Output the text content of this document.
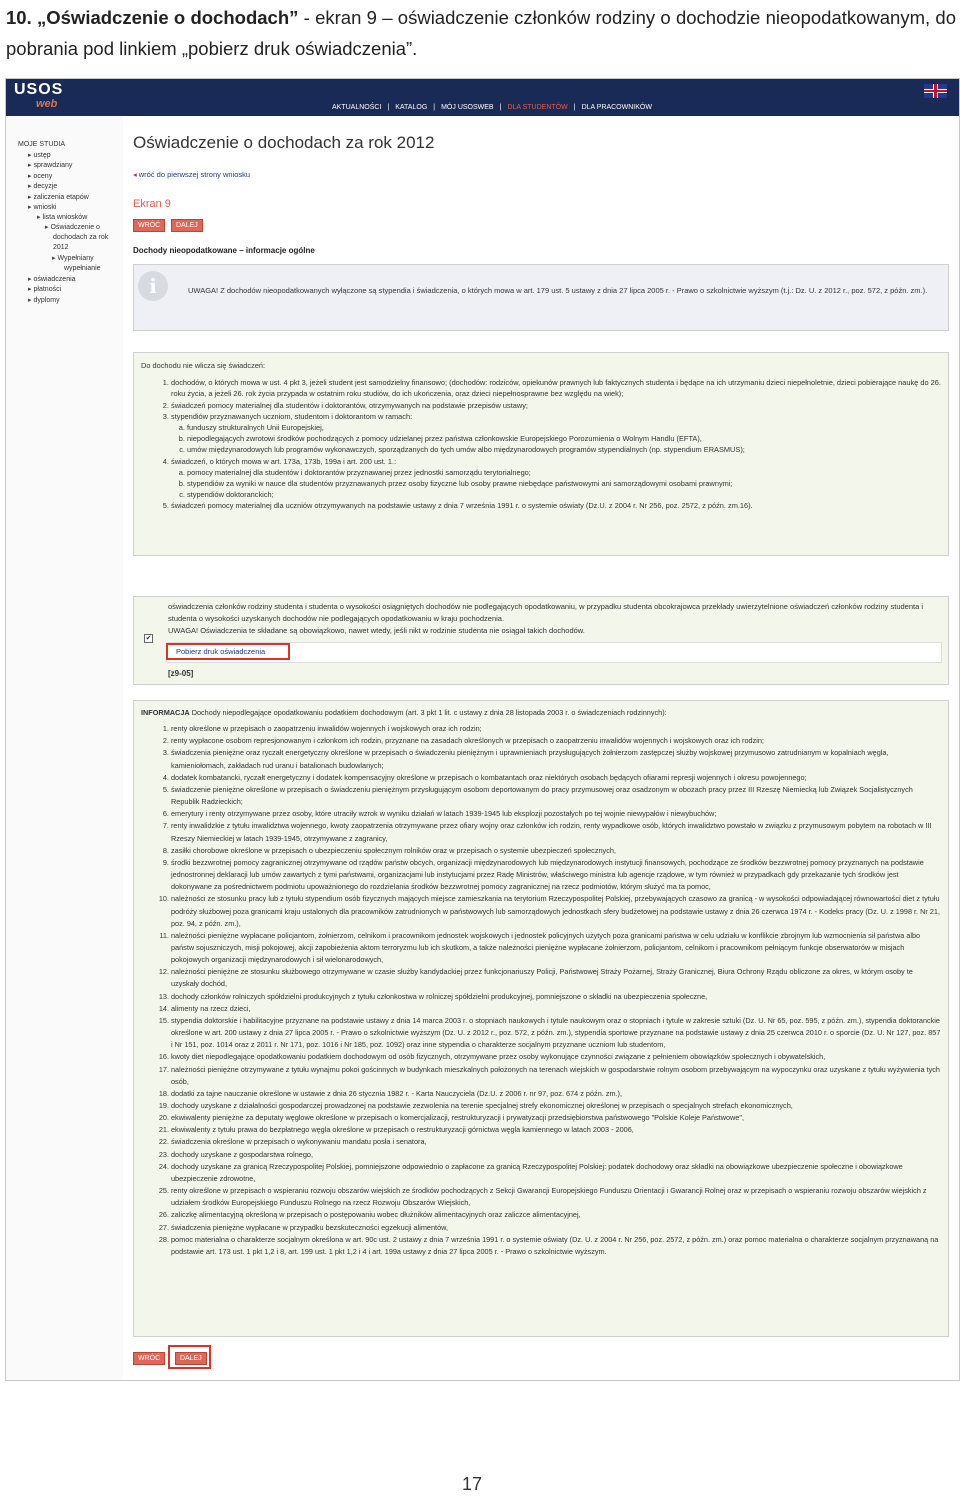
10. „Oświadczenie o dochodach” - ekran 9 – oświadczenie członków rodziny o dochodzie nieopodatkowanym, do pobrania pod linkiem „pobierz druk oświadczenia”.
USOS
web	AKTUALNOŚCI | KATALOG | MÓJ USOSWEB | DLA STUDENTÓW | DLA PRACOWNIKÓW
MOJE STUDIA
▸ ustęp
▸ sprawdziany
▸ oceny
▸ decyzje
▸ zaliczenia etapów
▸ wnioski
▸ lista wniosków
▸ Oświadczenie o
dochodach za rok
2012
▸ Wypełniany
wypełnianie
▸ oświadczenia
▸ płatności
▸ dyplomy
Oświadczenie o dochodach za rok 2012
◂ wróć do pierwszej strony wniosku
Ekran 9
WRÓĆ	DALEJ
Dochody nieopodatkowane – informacje ogólne
i	UWAGA! Z dochodów nieopodatkowanych wyłączone są stypendia i świadczenia, o których mowa w art. 179 ust. 5 ustawy z dnia 27 lipca 2005 r. - Prawo o szkolnictwie wyższym (t.j.: Dz. U. z 2012 r., poz. 572, z późn. zm.).
Do dochodu nie wlicza się świadczeń:
1. dochodów, o których mowa w ust. 4 pkt 3, jeżeli student jest samodzielny finansowo; (dochodów: rodziców, opiekunów prawnych lub faktycznych studenta i będące na ich utrzymaniu dzieci niepełnoletnie, dzieci pobierające naukę do 26. roku życia, a jeżeli 26. rok życia przypada w ostatnim roku studiów, do ich ukończenia, oraz dzieci niepełnosprawne bez względu na wiek);
2. świadczeń pomocy materialnej dla studentów i doktorantów, otrzymywanych na podstawie przepisów ustawy;
3. stypendiów przyznawanych uczniom, studentom i doktorantom w ramach:
a. funduszy strukturalnych Unii Europejskiej,
b. niepodlegających zwrotowi środków pochodzących z pomocy udzielanej przez państwa członkowskie Europejskiego Porozumienia o Wolnym Handlu (EFTA),
c. umów międzynarodowych lub programów wykonawczych, sporządzanych do tych umów albo międzynarodowych programów stypendialnych (np. stypendium ERASMUS);
4. świadczeń, o których mowa w art. 173a, 173b, 199a i art. 200 ust. 1.:
a. pomocy materialnej dla studentów i doktorantów przyznawanej przez jednostki samorządu terytorialnego;
b. stypendiów za wyniki w nauce dla studentów przyznawanych przez osoby fizyczne lub osoby prawne niebędące państwowymi ani samorządowymi osobami prawnymi;
c. stypendiów doktoranckich;
5. świadczeń pomocy materialnej dla uczniów otrzymywanych na podstawie ustawy z dnia 7 września 1991 r. o systemie oświaty (Dz.U. z 2004 r. Nr 256, poz. 2572, z późn. zm.16).
✔
oświadczenia członków rodziny studenta i studenta o wysokości osiągniętych dochodów nie podlegających opodatkowaniu, w przypadku studenta obcokrajowca przekłady uwierzytelnione oświadczeń członków rodziny studenta i studenta o wysokości uzyskanych dochodów nie podlegających opodatkowaniu w kraju pochodzenia.
UWAGA! Oświadczenia te składane są obowiązkowo, nawet wtedy, jeśli nikt w rodzinie studenta nie osiągał takich dochodów.
Pobierz druk oświadczenia
[z9-05]
INFORMACJA Dochody niepodlegające opodatkowaniu podatkiem dochodowym (art. 3 pkt 1 lit. c ustawy z dnia 28 listopada 2003 r. o świadczeniach rodzinnych):
1. renty określone w przepisach o zaopatrzeniu inwalidów wojennych i wojskowych oraz ich rodzin;
2. renty wypłacone osobom represjonowanym i członkom ich rodzin, przyznane na zasadach określonych w przepisach o zaopatrzeniu inwalidów wojennych i wojskowych oraz ich rodzin;
3. świadczenia pieniężne oraz ryczałt energetyczny określone w przepisach o świadczeniu pieniężnym i uprawnieniach przysługujących żołnierzom zastępczej służby wojskowej przymusowo zatrudnianym w kopalniach węgla, kamieniołomach, zakładach rud uranu i batalionach budowlanych;
4. dodatek kombatancki, ryczałt energetyczny i dodatek kompensacyjny określone w przepisach o kombatantach oraz niektórych osobach będących ofiarami represji wojennych i okresu powojennego;
5. świadczenie pieniężne określone w przepisach o świadczeniu pieniężnym przysługującym osobom deportowanym do pracy przymusowej oraz osadzonym w obozach pracy przez III Rzeszę Niemiecką lub Związek Socjalistycznych Republik Radzieckich;
6. emerytury i renty otrzymywane przez osoby, które utraciły wzrok w wyniku działań w latach 1939-1945 lub eksplozji pozostałych po tej wojnie niewypałów i niewybuchów;
7. renty inwalidzkie z tytułu inwalidztwa wojennego, kwoty zaopatrzenia otrzymywane przez ofiary wojny oraz członków ich rodzin, renty wypadkowe osób, których inwalidztwo powstało w związku z przymusowym pobytem na robotach w III Rzeszy Niemieckiej w latach 1939-1945, otrzymywane z zagranicy,
8. zasiłki chorobowe określone w przepisach o ubezpieczeniu społecznym rolników oraz w przepisach o systemie ubezpieczeń społecznych,
9. środki bezzwrotnej pomocy zagranicznej otrzymywane od rządów państw obcych, organizacji międzynarodowych lub międzynarodowych instytucji finansowych, pochodzące ze środków bezzwrotnej pomocy przyznanych na podstawie jednostronnej deklaracji lub umów zawartych z tymi państwami, organizacjami lub instytucjami przez Radę Ministrów, właściwego ministra lub agencje rządowe, w tym również w przypadkach gdy przekazanie tych środków jest dokonywane za pośrednictwem podmiotu upoważnionego do rozdzielania środków bezzwrotnej pomocy zagranicznej na rzecz podmiotów, którym służyć ma ta pomoc,
10. należności ze stosunku pracy lub z tytułu stypendium osób fizycznych mających miejsce zamieszkania na terytorium Rzeczypospolitej Polskiej, przebywających czasowo za granicą - w wysokości odpowiadającej równowartości diet z tytułu podróży służbowej poza granicami kraju ustalonych dla pracowników zatrudnionych w państwowych lub samorządowych jednostkach sfery budżetowej na podstawie ustawy z dnia 26 czerwca 1974 r. - Kodeks pracy (Dz. U. z 1998 r. Nr 21, poz. 94, z późn. zm.),
11. należności pieniężne wypłacane policjantom, żołnierzom, celnikom i pracownikom jednostek wojskowych i jednostek policyjnych użytych poza granicami państwa w celu udziału w konflikcie zbrojnym lub wzmocnienia sił państwa albo państw sojuszniczych, misji pokojowej, akcji zapobieżenia aktom terroryzmu lub ich skutkom, a także należności pieniężne wypłacane żołnierzom, policjantom, celnikom i pracownikom pełniącym funkcje obserwatorów w misjach pokojowych organizacji międzynarodowych i sił wielonarodowych,
12. należności pieniężne ze stosunku służbowego otrzymywane w czasie służby kandydackiej przez funkcjonariuszy Policji, Państwowej Straży Pożarnej, Straży Granicznej, Biura Ochrony Rządu obliczone za okres, w którym osoby te uzyskały dochód,
13. dochody członków rolniczych spółdzielni produkcyjnych z tytułu członkostwa w rolniczej spółdzielni produkcyjnej, pomniejszone o składki na ubezpieczenia społeczne,
14. alimenty na rzecz dzieci,
15. stypendia doktorskie i habilitacyjne przyznane na podstawie ustawy z dnia 14 marca 2003 r. o stopniach naukowych i tytule naukowym oraz o stopniach i tytule w zakresie sztuki (Dz. U. Nr 65, poz. 595, z późn. zm.), stypendia doktoranckie określone w art. 200 ustawy z dnia 27 lipca 2005 r. - Prawo o szkolnictwie wyższym (Dz. U. z 2012 r., poz. 572, z późn. zm.), stypendia sportowe przyznane na podstawie ustawy z dnia 25 czerwca 2010 r. o sporcie (Dz. U. Nr 127, poz. 857 i Nr 151, poz. 1014 oraz z 2011 r. Nr 171, poz. 1016 i Nr 185, poz. 1092) oraz inne stypendia o charakterze socjalnym przyznane uczniom lub studentom,
16. kwoty diet niepodlegające opodatkowaniu podatkiem dochodowym od osób fizycznych, otrzymywane przez osoby wykonujące czynności związane z pełnieniem obowiązków społecznych i obywatelskich,
17. należności pieniężne otrzymywane z tytułu wynajmu pokoi gościnnych w budynkach mieszkalnych położonych na terenach wiejskich w gospodarstwie rolnym osobom przebywającym na wypoczynku oraz uzyskane z tytułu wyżywienia tych osób,
18. dodatki za tajne nauczanie określone w ustawie z dnia 26 stycznia 1982 r. - Karta Nauczyciela (Dz.U. z 2006 r. nr 97, poz. 674 z późn. zm.),
19. dochody uzyskane z działalności gospodarczej prowadzonej na podstawie zezwolenia na terenie specjalnej strefy ekonomicznej określonej w przepisach o specjalnych strefach ekonomicznych,
20. ekwiwalenty pieniężne za deputaty węglowe określone w przepisach o komercjalizacji, restrukturyzacji i prywatyzacji przedsiębiorstwa państwowego "Polskie Koleje Państwowe",
21. ekwiwalenty z tytułu prawa do bezpłatnego węgla określone w przepisach o restrukturyzacji górnictwa węgla kamiennego w latach 2003 - 2006,
22. świadczenia określone w przepisach o wykonywaniu mandatu posła i senatora,
23. dochody uzyskane z gospodarstwa rolnego,
24. dochody uzyskane za granicą Rzeczypospolitej Polskiej, pomniejszone odpowiednio o zapłacone za granicą Rzeczypospolitej Polskiej: podatek dochodowy oraz składki na obowiązkowe ubezpieczenie społeczne i obowiązkowe ubezpieczenie zdrowotne,
25. renty określone w przepisach o wspieraniu rozwoju obszarów wiejskich ze środków pochodzących z Sekcji Gwarancji Europejskiego Funduszu Orientacji i Gwarancji Rolnej oraz w przepisach o wspieraniu rozwoju obszarów wiejskich z udziałem środków Europejskiego Funduszu Rolnego na rzecz Rozwoju Obszarów Wiejskich,
26. zaliczkę alimentacyjną określoną w przepisach o postępowaniu wobec dłużników alimentacyjnych oraz zaliczce alimentacyjnej,
27. świadczenia pieniężne wypłacane w przypadku bezskuteczności egzekucji alimentów,
28. pomoc materialna o charakterze socjalnym określona w art. 90c ust. 2 ustawy z dnia 7 września 1991 r. o systemie oświaty (Dz. U. z 2004 r. Nr 256, poz. 2572, z późn. zm.) oraz pomoc materialna o charakterze socjalnym przyznawaną na podstawie art. 173 ust. 1 pkt 1,2 i 8, art. 199 ust. 1 pkt 1,2 i 4 i art. 199a ustawy z dnia 27 lipca 2005 r. - Prawo o szkolnictwie wyższym.
WRÓĆ	DALEJ
17
